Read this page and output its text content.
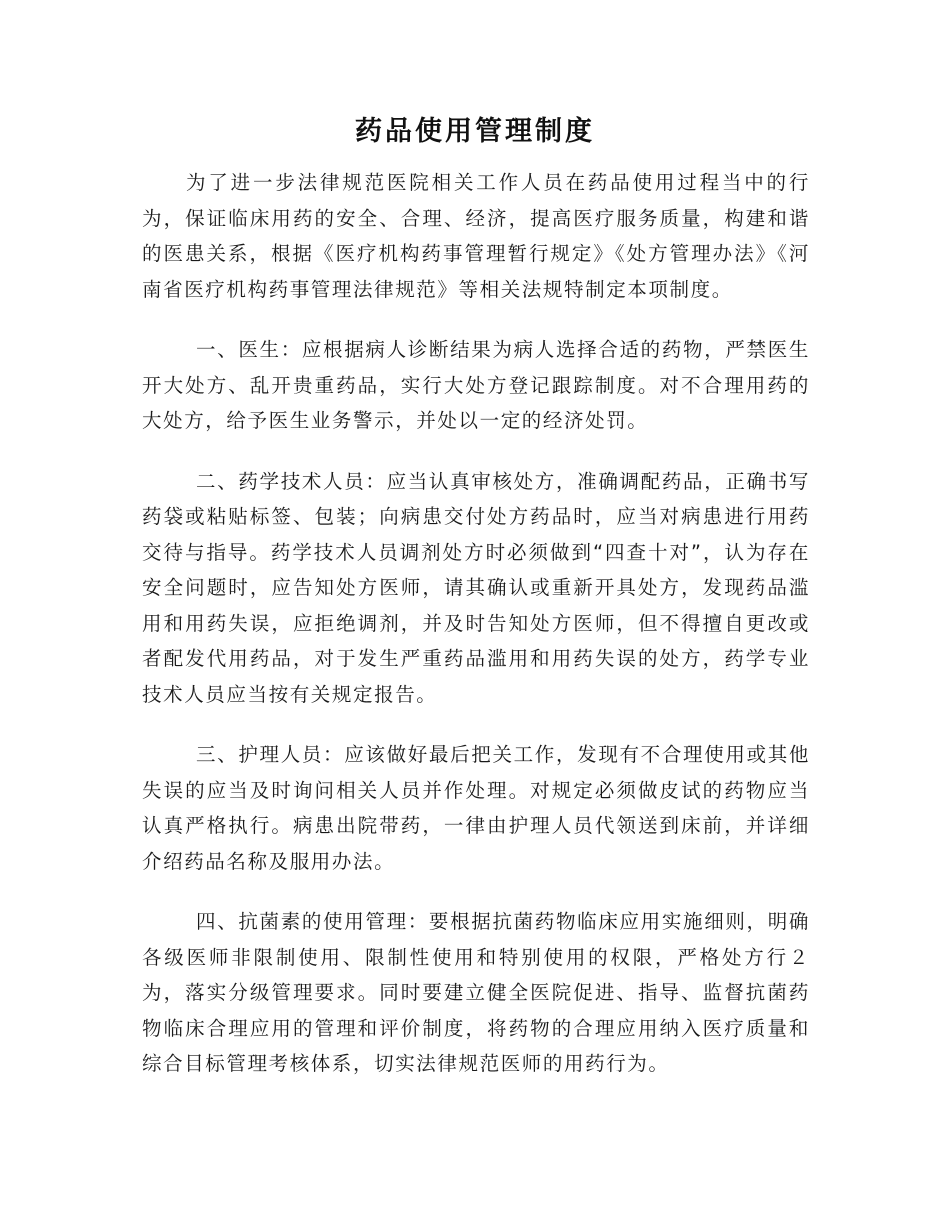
药品使用管理制度

为了进一步法律规范医院相关工作人员在药品使用过程当中的行为，保证临床用药的安全、合理、经济，提高医疗服务质量，构建和谐的医患关系，根据《医疗机构药事管理暂行规定》《处方管理办法》《河南省医疗机构药事管理法律规范》等相关法规特制定本项制度。

一、医生：应根据病人诊断结果为病人选择合适的药物，严禁医生开大处方、乱开贵重药品，实行大处方登记跟踪制度。对不合理用药的大处方，给予医生业务警示，并处以一定的经济处罚。

二、药学技术人员：应当认真审核处方，准确调配药品，正确书写药袋或粘贴标签、包装；向病患交付处方药品时，应当对病患进行用药交待与指导。药学技术人员调剂处方时必须做到“四查十对”，认为存在安全问题时，应告知处方医师，请其确认或重新开具处方，发现药品滥用和用药失误，应拒绝调剂，并及时告知处方医师，但不得擅自更改或者配发代用药品，对于发生严重药品滥用和用药失误的处方，药学专业技术人员应当按有关规定报告。

三、护理人员：应该做好最后把关工作，发现有不合理使用或其他失误的应当及时询问相关人员并作处理。对规定必须做皮试的药物应当认真严格执行。病患出院带药，一律由护理人员代领送到床前，并详细介绍药品名称及服用办法。

四、抗菌素的使用管理：要根据抗菌药物临床应用实施细则，明确各级医师非限制使用、限制性使用和特别使用的权限，严格处方行２为，落实分级管理要求。同时要建立健全医院促进、指导、监督抗菌药物临床合理应用的管理和评价制度，将药物的合理应用纳入医疗质量和综合目标管理考核体系，切实法律规范医师的用药行为。
